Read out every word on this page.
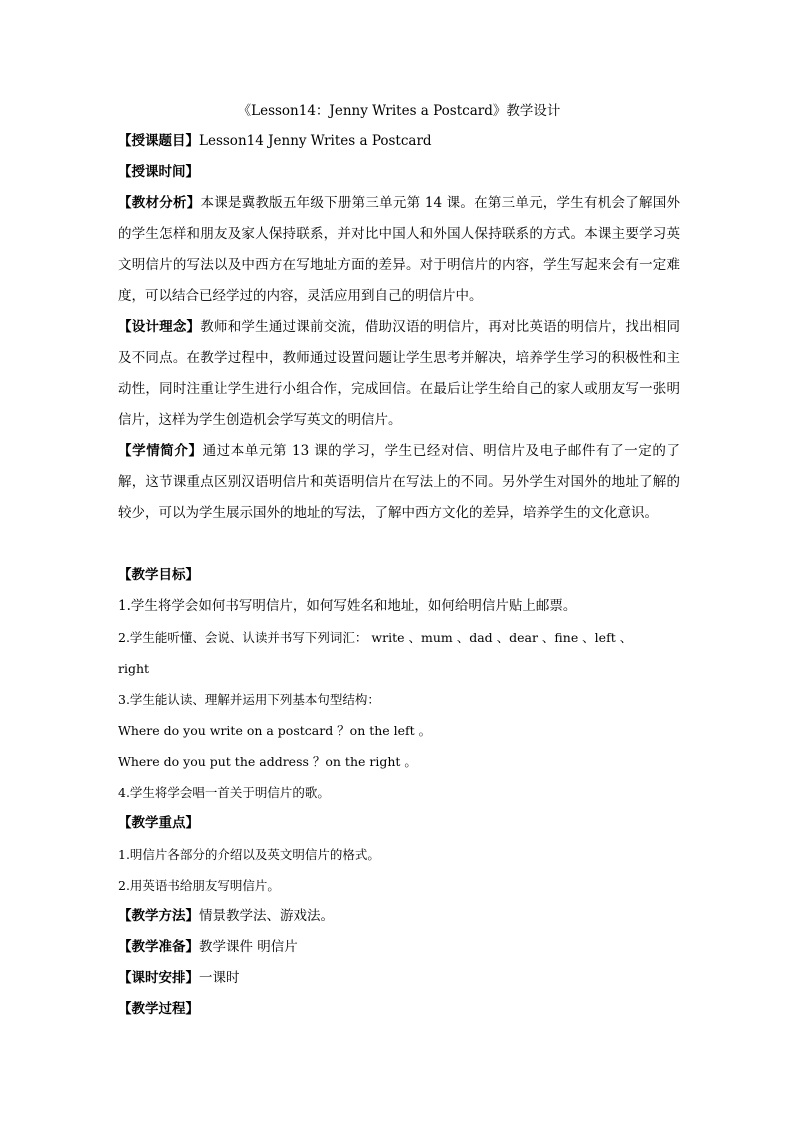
《Lesson14：Jenny Writes a Postcard》教学设计
【授课题目】Lesson14 Jenny Writes a Postcard
【授课时间】
【教材分析】本课是冀教版五年级下册第三单元第 14 课。在第三单元，学生有机会了解国外的学生怎样和朋友及家人保持联系，并对比中国人和外国人保持联系的方式。本课主要学习英文明信片的写法以及中西方在写地址方面的差异。对于明信片的内容，学生写起来会有一定难度，可以结合已经学过的内容，灵活应用到自己的明信片中。
【设计理念】教师和学生通过课前交流，借助汉语的明信片，再对比英语的明信片，找出相同及不同点。在教学过程中，教师通过设置问题让学生思考并解决，培养学生学习的积极性和主动性，同时注重让学生进行小组合作，完成回信。在最后让学生给自己的家人或朋友写一张明信片，这样为学生创造机会学写英文的明信片。
【学情简介】通过本单元第 13 课的学习，学生已经对信、明信片及电子邮件有了一定的了解，这节课重点区别汉语明信片和英语明信片在写法上的不同。另外学生对国外的地址了解的较少，可以为学生展示国外的地址的写法，了解中西方文化的差异，培养学生的文化意识。
【教学目标】
1.学生将学会如何书写明信片，如何写姓名和地址，如何给明信片贴上邮票。
2.学生能听懂、会说、认读并书写下列词汇： write 、mum 、dad 、dear 、fine 、left 、
right
3.学生能认读、理解并运用下列基本句型结构：
Where do you write on a postcard ？on the left 。
Where do you put the address ？on the right 。
4.学生将学会唱一首关于明信片的歌。
【教学重点】
1.明信片各部分的介绍以及英文明信片的格式。
2.用英语书给朋友写明信片。
【教学方法】情景教学法、游戏法。
【教学准备】教学课件 明信片
【课时安排】一课时
【教学过程】
